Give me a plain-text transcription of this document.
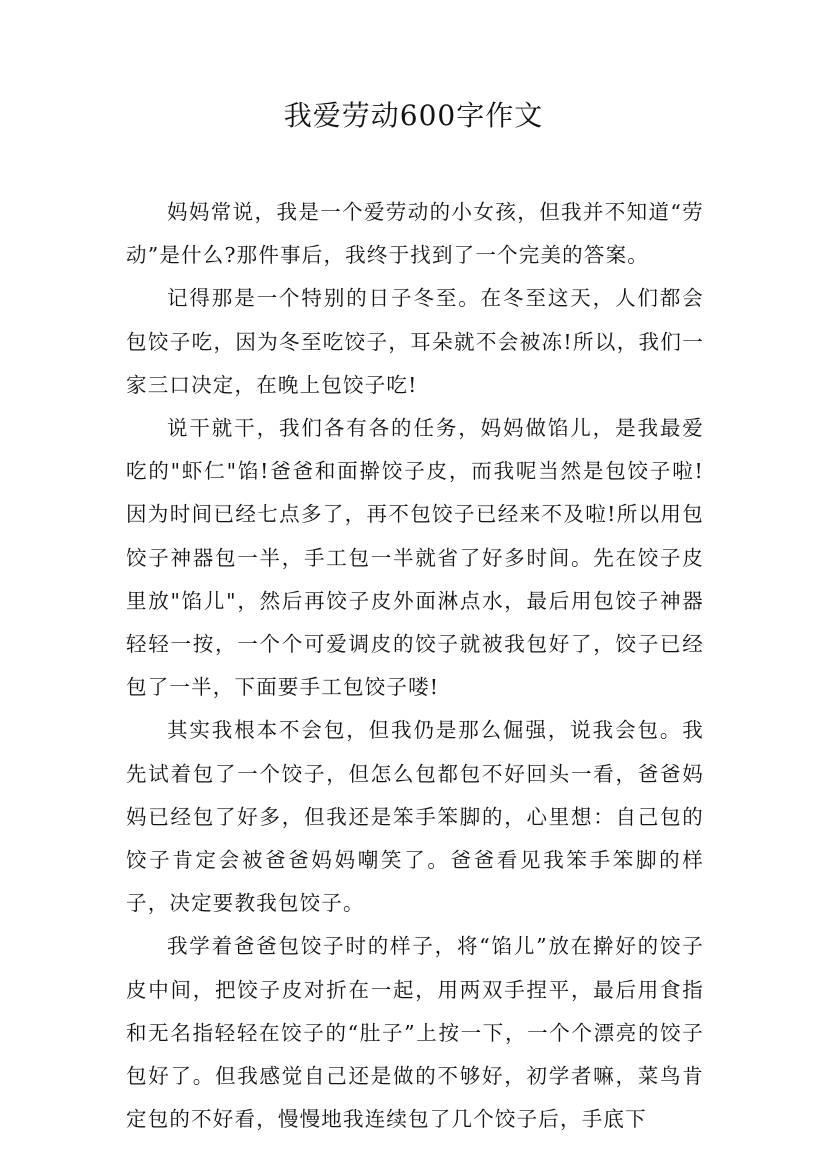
我爱劳动600字作文

妈妈常说，我是一个爱劳动的小女孩，但我并不知道“劳动”是什么?那件事后，我终于找到了一个完美的答案。

记得那是一个特别的日子冬至。在冬至这天，人们都会包饺子吃，因为冬至吃饺子，耳朵就不会被冻!所以，我们一家三口决定，在晚上包饺子吃!

说干就干，我们各有各的任务，妈妈做馅儿，是我最爱吃的"虾仁"馅!爸爸和面擀饺子皮，而我呢当然是包饺子啦!因为时间已经七点多了，再不包饺子已经来不及啦!所以用包饺子神器包一半，手工包一半就省了好多时间。先在饺子皮里放"馅儿"，然后再饺子皮外面淋点水，最后用包饺子神器轻轻一按，一个个可爱调皮的饺子就被我包好了，饺子已经包了一半，下面要手工包饺子喽!

其实我根本不会包，但我仍是那么倔强，说我会包。我先试着包了一个饺子，但怎么包都包不好回头一看，爸爸妈妈已经包了好多，但我还是笨手笨脚的，心里想：自己包的饺子肯定会被爸爸妈妈嘲笑了。爸爸看见我笨手笨脚的样子，决定要教我包饺子。

我学着爸爸包饺子时的样子，将“馅儿”放在擀好的饺子皮中间，把饺子皮对折在一起，用两双手捏平，最后用食指和无名指轻轻在饺子的“肚子”上按一下，一个个漂亮的饺子包好了。但我感觉自己还是做的不够好，初学者嘛，菜鸟肯定包的不好看，慢慢地我连续包了几个饺子后，手底下
